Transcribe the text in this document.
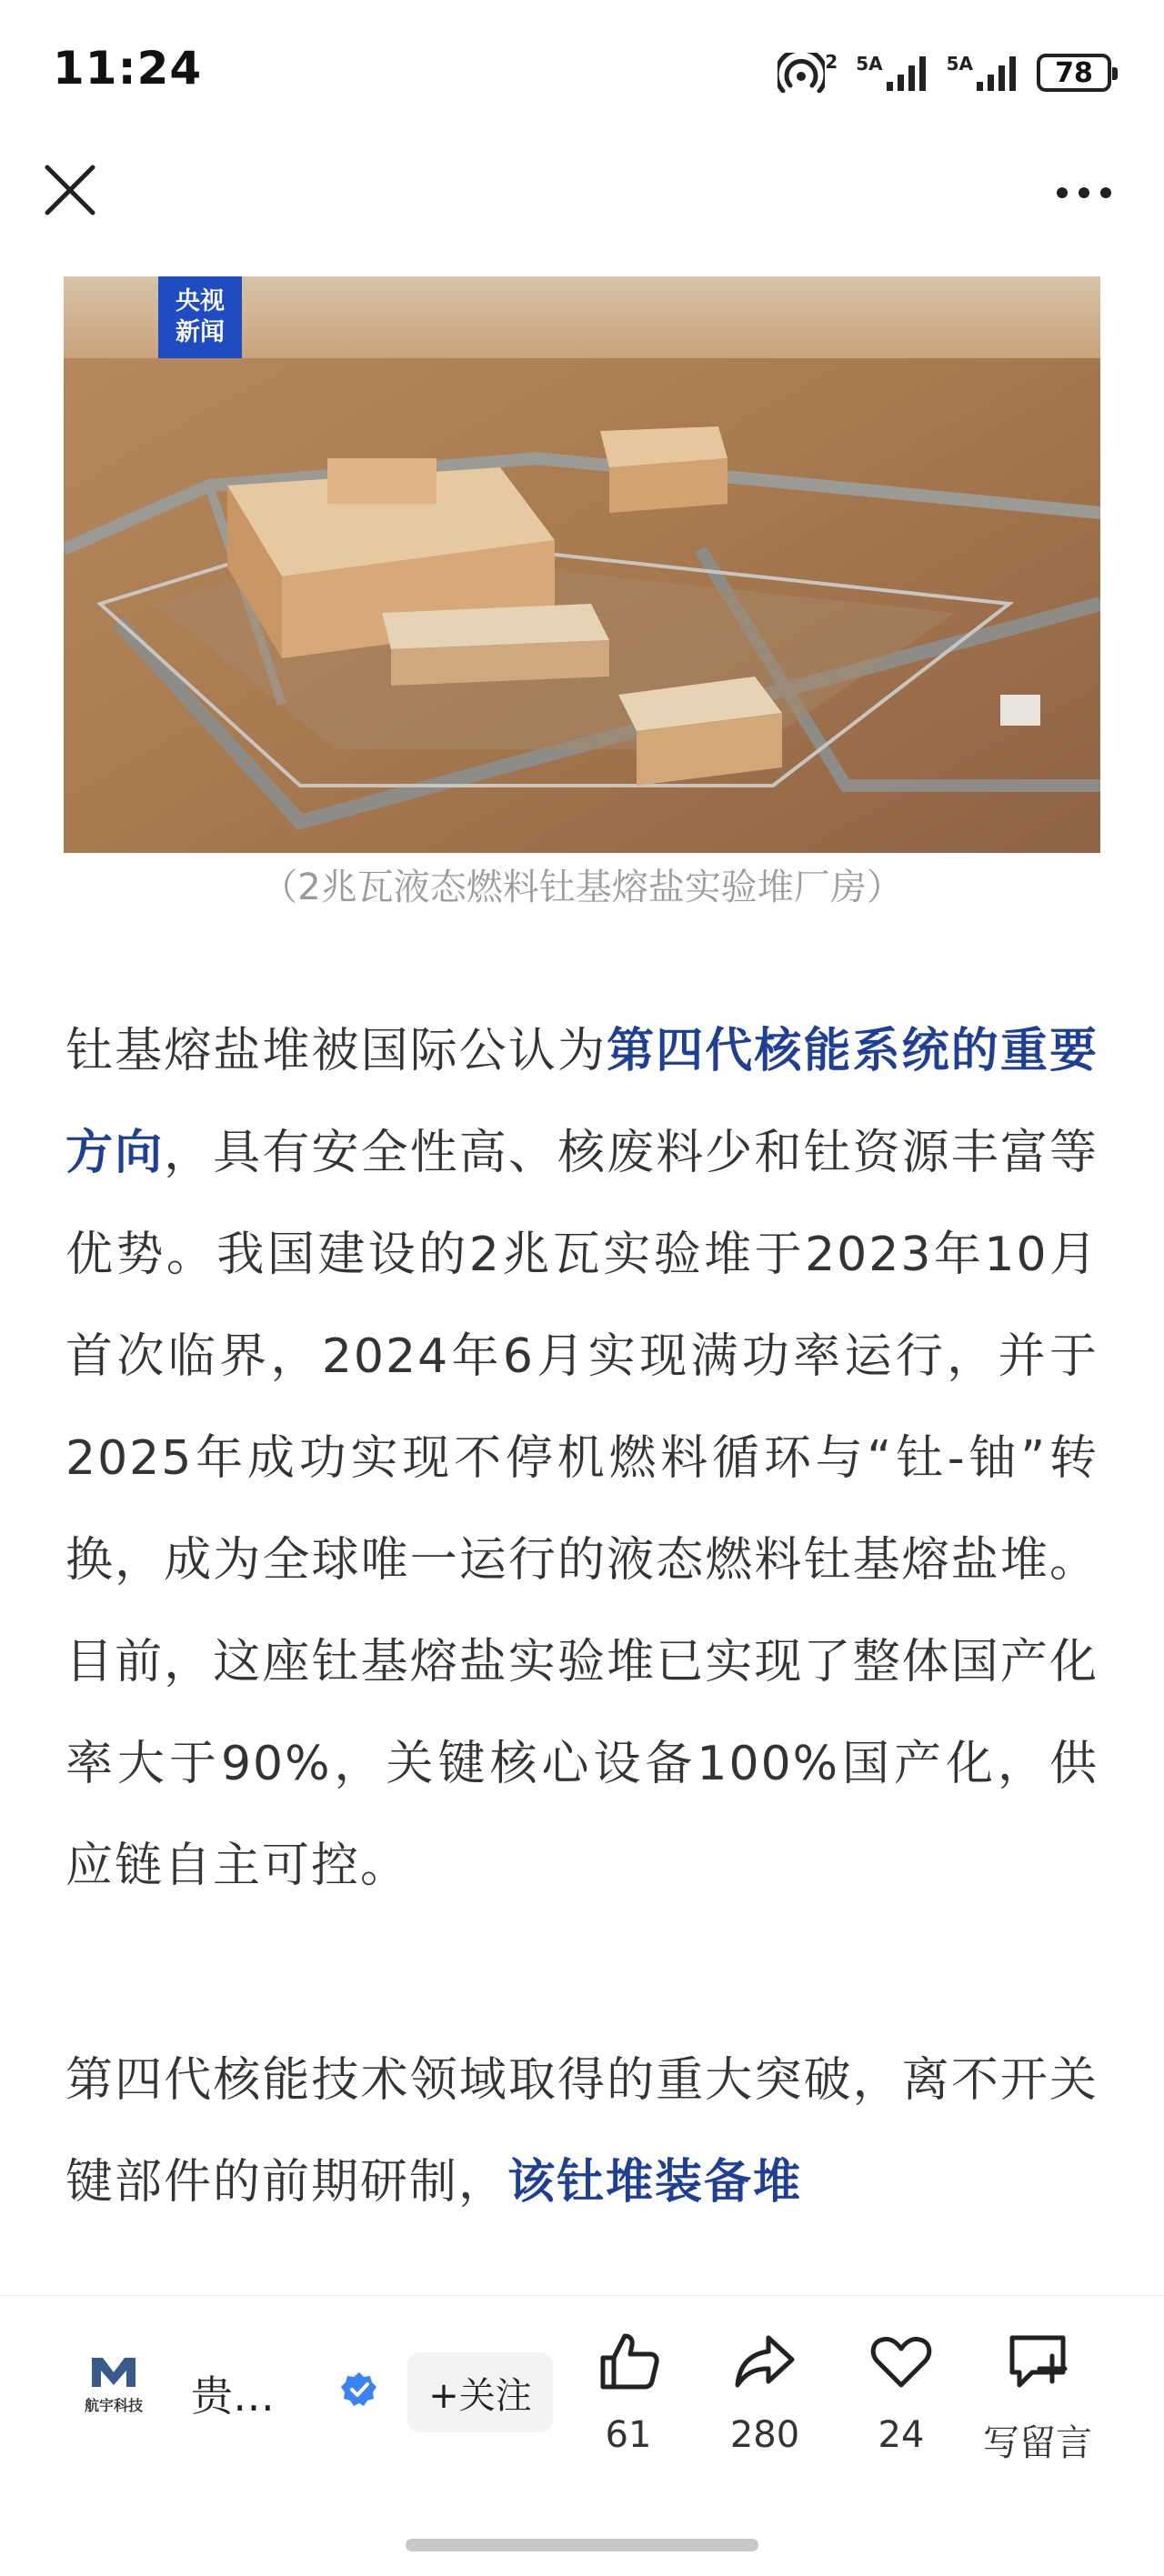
11:24	2 5A	5A	78
央视
新闻
（2兆瓦液态燃料钍基熔盐实验堆厂房）

钍基熔盐堆被国际公认为第四代核能系统的重要方向，具有安全性高、核废料少和钍资源丰富等优势。我国建设的2兆瓦实验堆于2023年10月首次临界，2024年6月实现满功率运行，并于2025年成功实现不停机燃料循环与“钍-铀”转换，成为全球唯一运行的液态燃料钍基熔盐堆。目前，这座钍基熔盐实验堆已实现了整体国产化率大于90%，关键核心设备100%国产化，供应链自主可控。

第四代核能技术领域取得的重大突破，离不开关键部件的前期研制，该钍堆装备堆

航宇科技 贵…	+关注
61 280 24 写留言
